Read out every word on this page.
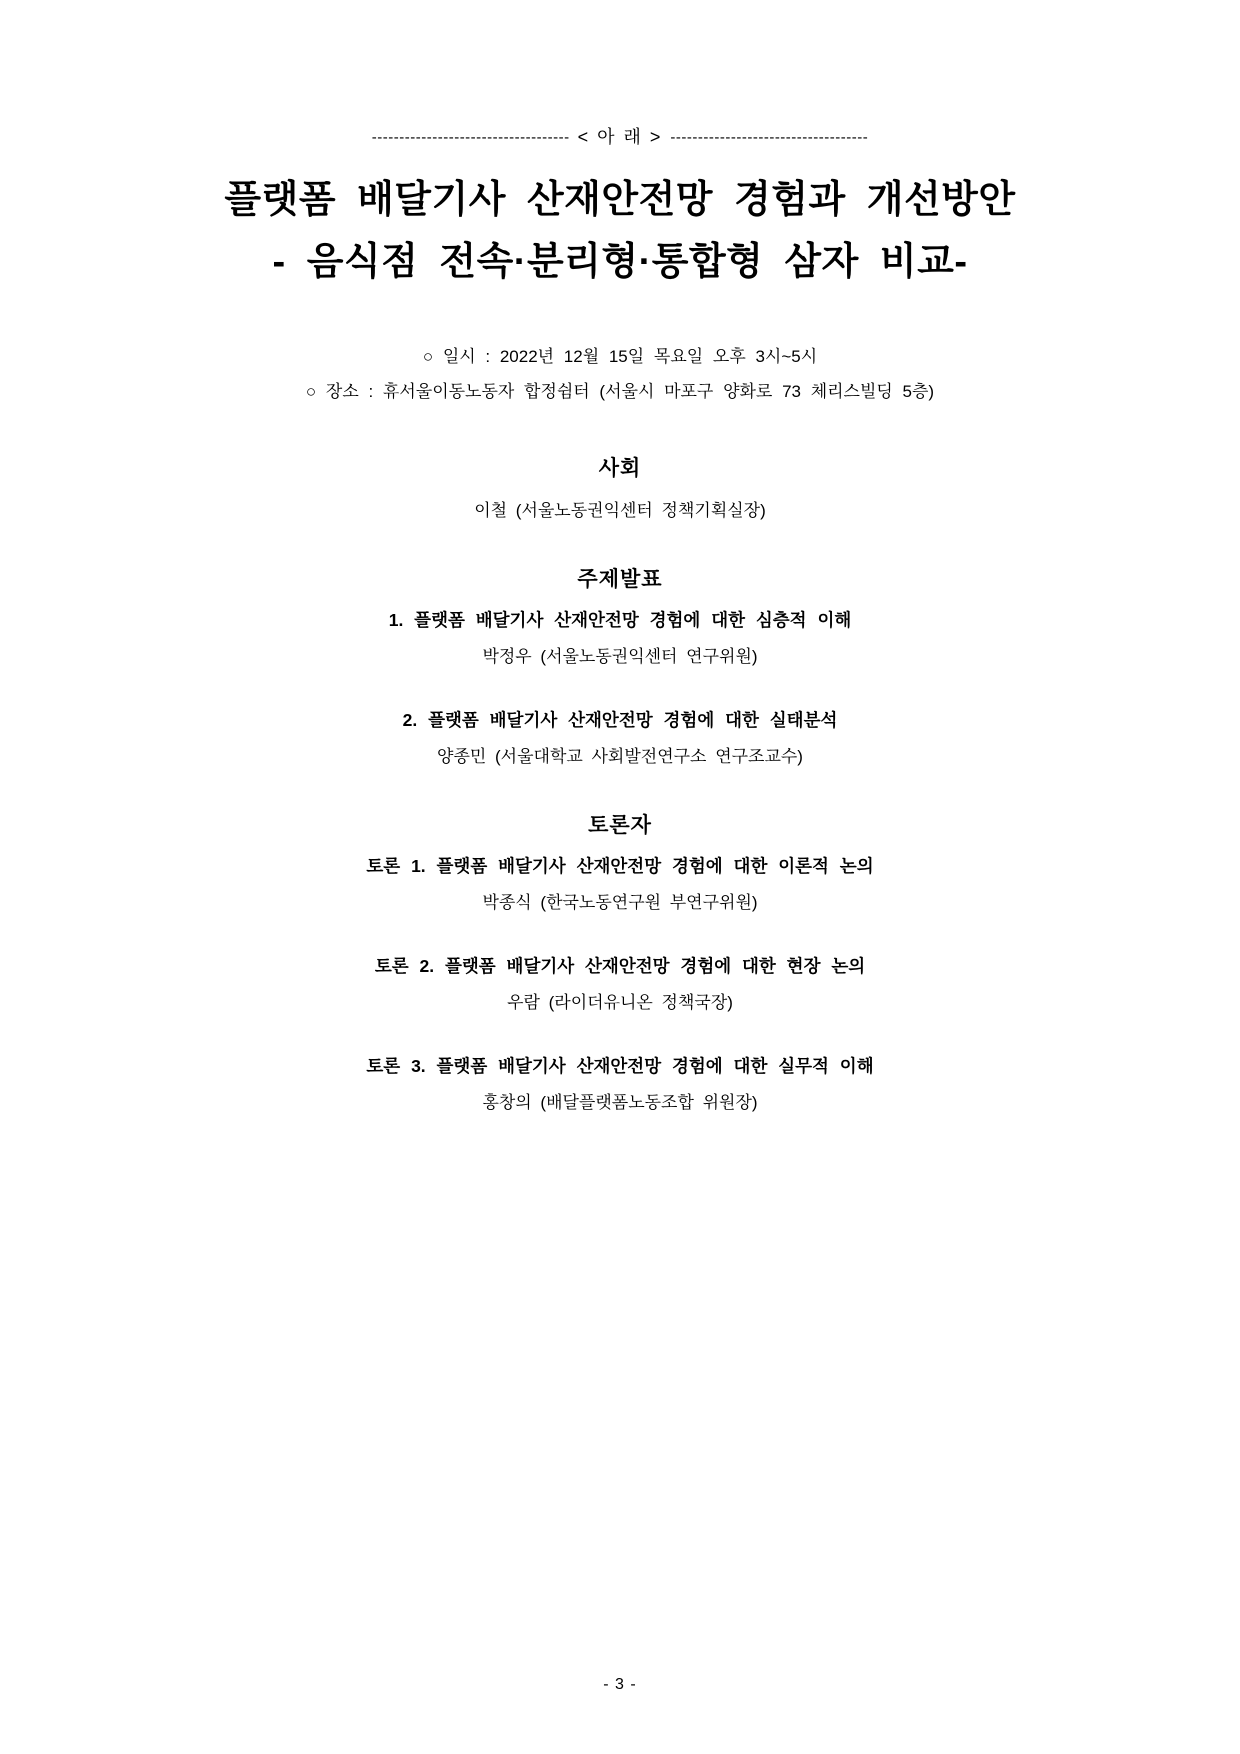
------------------------------------ < 아 래 > ------------------------------------
플랫폼 배달기사 산재안전망 경험과 개선방안
- 음식점 전속·분리형·통합형 삼자 비교-
○ 일시 : 2022년 12월 15일 목요일 오후 3시~5시
○ 장소 : 휴서울이동노동자 합정쉼터 (서울시 마포구 양화로 73 체리스빌딩 5층)
사회
이철 (서울노동권익센터 정책기획실장)
주제발표
1. 플랫폼 배달기사 산재안전망 경험에 대한 심층적 이해
박정우 (서울노동권익센터 연구위원)
2. 플랫폼 배달기사 산재안전망 경험에 대한 실태분석
양종민 (서울대학교 사회발전연구소 연구조교수)
토론자
토론 1. 플랫폼 배달기사 산재안전망 경험에 대한 이론적 논의
박종식 (한국노동연구원 부연구위원)
토론 2. 플랫폼 배달기사 산재안전망 경험에 대한 현장 논의
우람 (라이더유니온 정책국장)
토론 3. 플랫폼 배달기사 산재안전망 경험에 대한 실무적 이해
홍창의 (배달플랫폼노동조합 위원장)
- 3 -
